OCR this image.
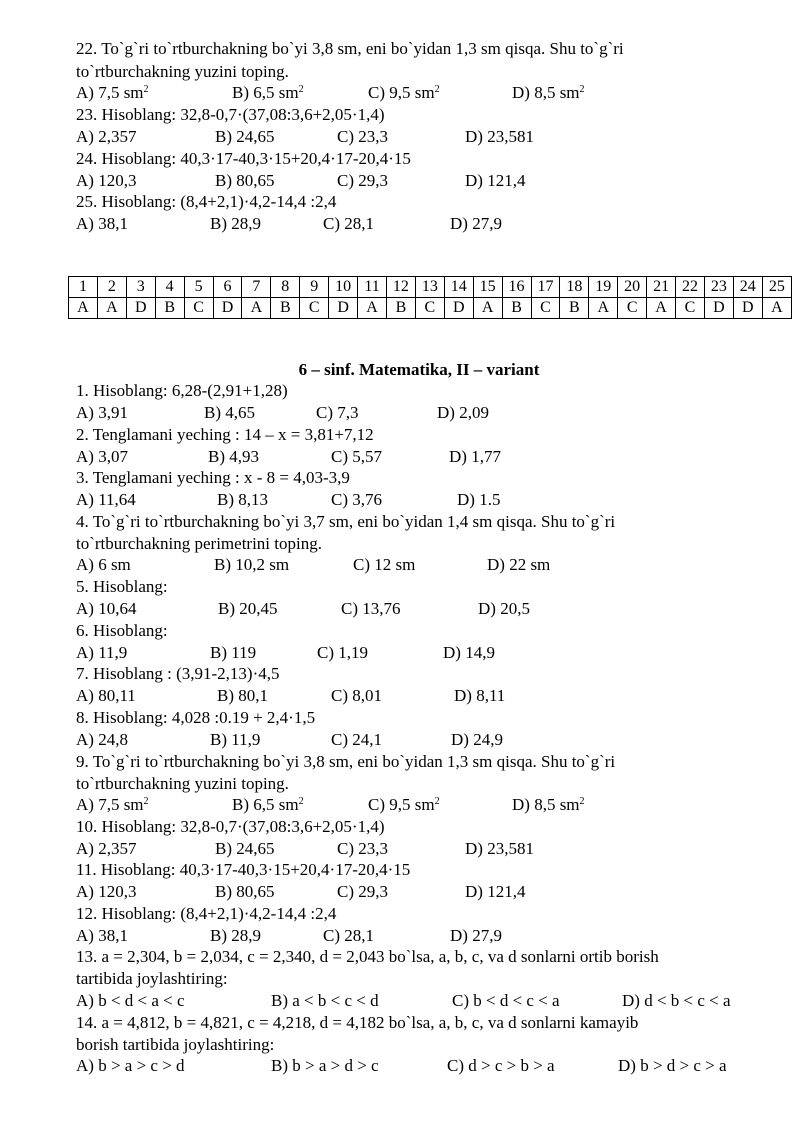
22. To`g`ri to`rtburchakning bo`yi 3,8 sm, eni bo`yidan 1,3 sm qisqa. Shu to`g`ri
to`rtburchakning yuzini toping.
A) 7,5 $sm^2$	B) 6,5 $sm^2$	C) 9,5 $sm^2$	D) 8,5 $sm^2$
23. Hisoblang: 32,8-0,7·(37,08:3,6+2,05·1,4)
A) 2,357	B) 24,65	C) 23,3	D) 23,581
24. Hisoblang: 40,3·17-40,3·15+20,4·17-20,4·15
A) 120,3	B) 80,65	C) 29,3	D) 121,4
25. Hisoblang: (8,4+2,1)·4,2-14,4 :2,4
A) 38,1	B) 28,9	C) 28,1	D) 27,9
1	2	3	4	5	6	7	8	9	10	11	12	13	14	15	16	17	18	19	20	21	22	23	24	25
A	A	D	B	C	D	A	B	C	D	A	B	C	D	A	B	C	B	A	C	A	C	D	D	A
6 – sinf. Matematika, II – variant
1. Hisoblang: 6,28-(2,91+1,28)
A) 3,91	B) 4,65	C) 7,3	D) 2,09
2. Tenglamani yeching : 14 – x = 3,81+7,12
A) 3,07	B) 4,93	C) 5,57	D) 1,77
3. Tenglamani yeching : x - 8 = 4,03-3,9
A) 11,64	B) 8,13	C) 3,76	D) 1.5
4. To`g`ri to`rtburchakning bo`yi 3,7 sm, eni bo`yidan 1,4 sm qisqa. Shu to`g`ri
to`rtburchakning perimetrini toping.
A) 6 sm	B) 10,2 sm	C) 12 sm	D) 22 sm
5. Hisoblang:
A) 10,64	B) 20,45	C) 13,76	D) 20,5
6. Hisoblang:
A) 11,9	B) 119	C) 1,19	D) 14,9
7. Hisoblang : (3,91-2,13)·4,5
A) 80,11	B) 80,1	C) 8,01	D) 8,11
8. Hisoblang: 4,028 :0.19 + 2,4·1,5
A) 24,8	B) 11,9	C) 24,1	D) 24,9
9. To`g`ri to`rtburchakning bo`yi 3,8 sm, eni bo`yidan 1,3 sm qisqa. Shu to`g`ri
to`rtburchakning yuzini toping.
A) 7,5 $sm^2$	B) 6,5 $sm^2$	C) 9,5 $sm^2$	D) 8,5 $sm^2$
10. Hisoblang: 32,8-0,7·(37,08:3,6+2,05·1,4)
A) 2,357	B) 24,65	C) 23,3	D) 23,581
11. Hisoblang: 40,3·17-40,3·15+20,4·17-20,4·15
A) 120,3	B) 80,65	C) 29,3	D) 121,4
12. Hisoblang: (8,4+2,1)·4,2-14,4 :2,4
A) 38,1	B) 28,9	C) 28,1	D) 27,9
13. a = 2,304, b = 2,034, c = 2,340, d = 2,043 bo`lsa, a, b, c, va d sonlarni ortib borish
tartibida joylashtiring:
A) b < d < a < c	B) a < b < c < d	C) b < d < c < a	D) d < b < c < a
14. a = 4,812, b = 4,821, c = 4,218, d = 4,182 bo`lsa, a, b, c, va d sonlarni kamayib
borish tartibida joylashtiring:
A) b > a > c > d	B) b > a > d > c	C) d > c > b > a	D) b > d > c > a
